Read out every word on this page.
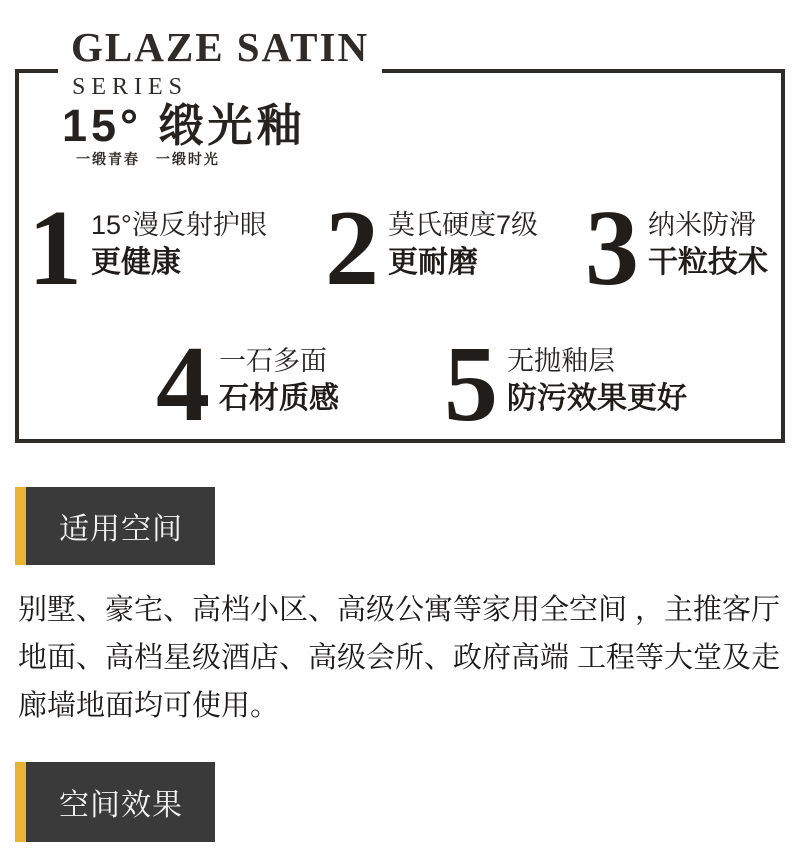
GLAZE SATIN
SERIES
15° 缎光釉
一缎青春 一缎时光
1 15°漫反射护眼
更健康	2 莫氏硬度7级
更耐磨 3 纳米防滑
干粒技术
4 一石多面
石材质感 5 无抛釉层
防污效果更好
适用空间
别墅、豪宅、高档小区、高级公寓等家用全空间 ，主推客厅地面、高档星级酒店、高级会所、政府高端 工程等大堂及走廊墙地面均可使用。
空间效果
